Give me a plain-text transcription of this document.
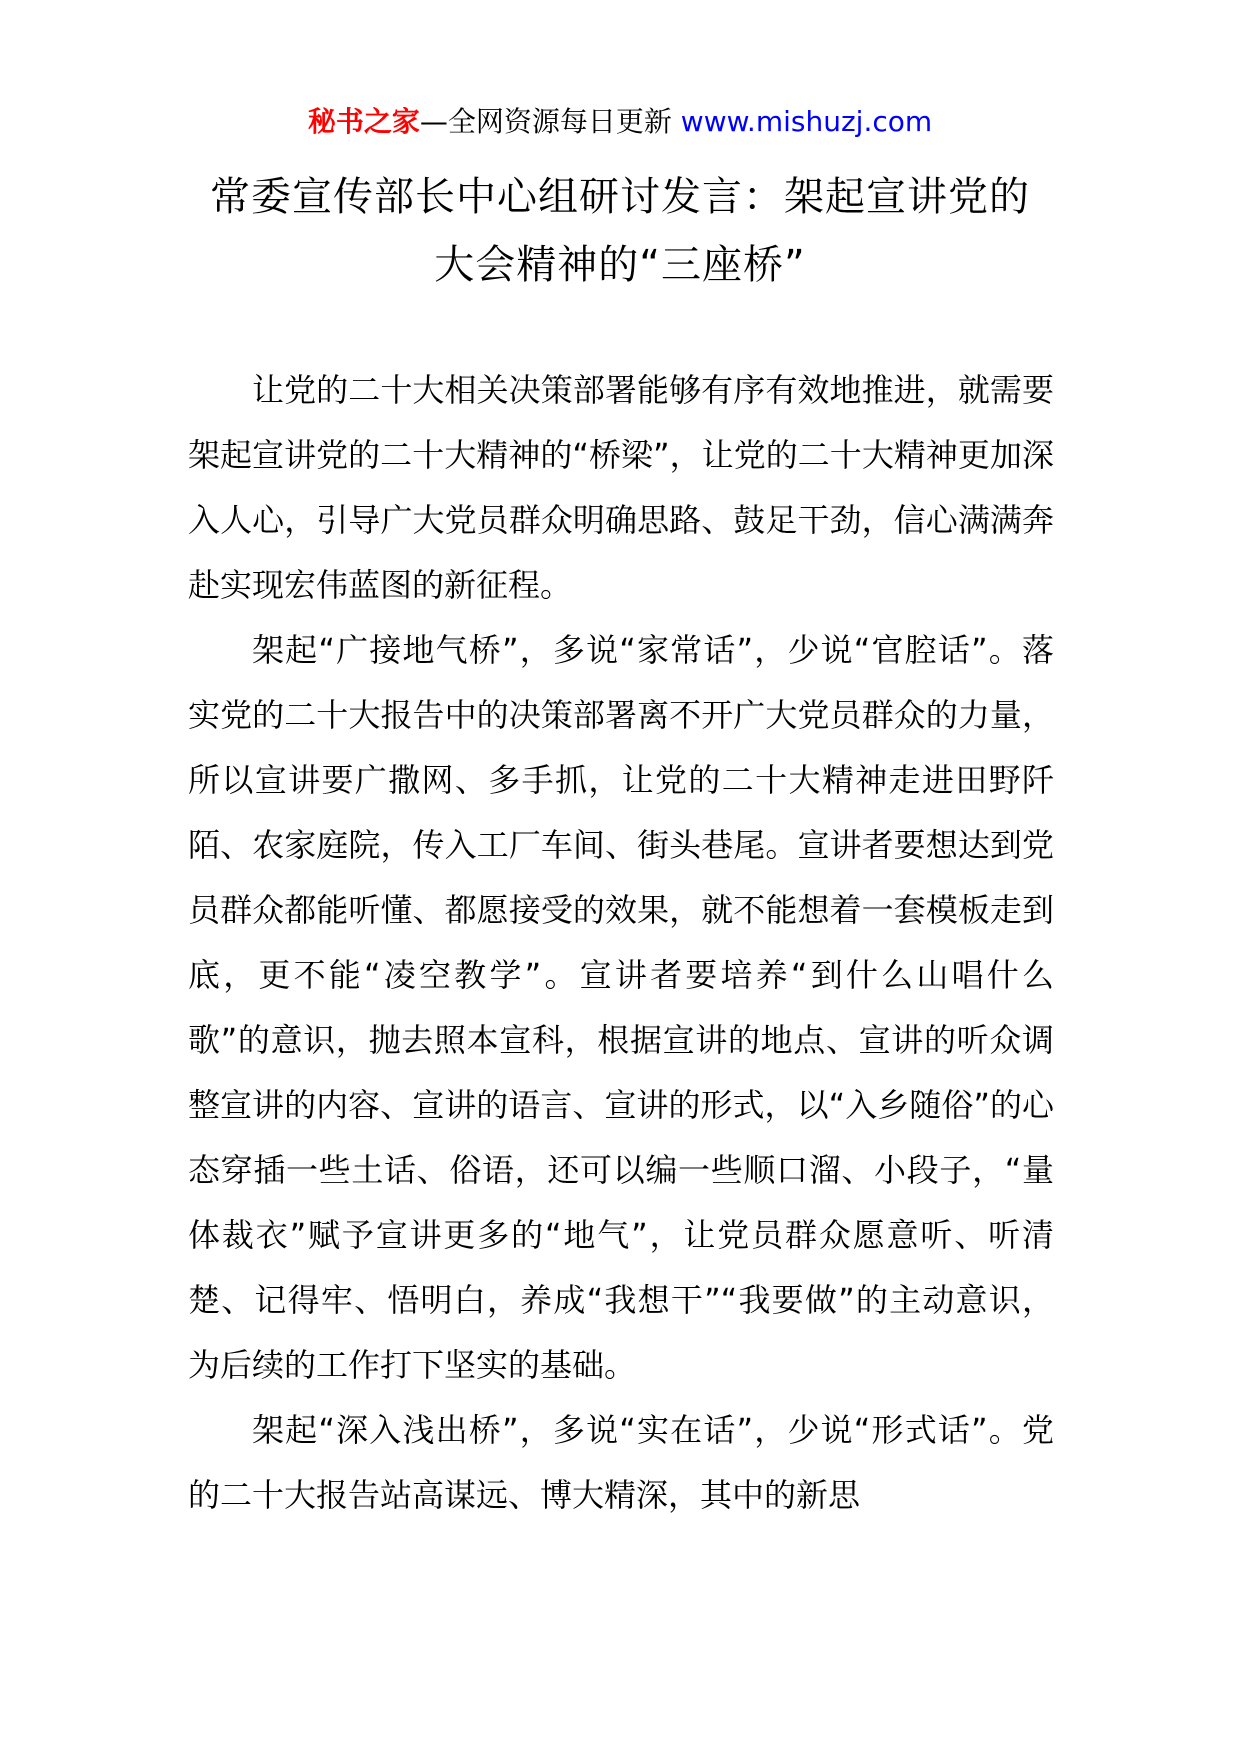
秘书之家—全网资源每日更新 www.mishuzj.com
常委宣传部长中心组研讨发言：架起宣讲党的
大会精神的“三座桥”

让党的二十大相关决策部署能够有序有效地推进，就需要架起宣讲党的二十大精神的“桥梁”，让党的二十大精神更加深入人心，引导广大党员群众明确思路、鼓足干劲，信心满满奔赴实现宏伟蓝图的新征程。

架起“广接地气桥”，多说“家常话”，少说“官腔话”。落实党的二十大报告中的决策部署离不开广大党员群众的力量，所以宣讲要广撒网、多手抓，让党的二十大精神走进田野阡陌、农家庭院，传入工厂车间、街头巷尾。宣讲者要想达到党员群众都能听懂、都愿接受的效果，就不能想着一套模板走到底，更不能“凌空教学”。宣讲者要培养“到什么山唱什么歌”的意识，抛去照本宣科，根据宣讲的地点、宣讲的听众调整宣讲的内容、宣讲的语言、宣讲的形式，以“入乡随俗”的心态穿插一些土话、俗语，还可以编一些顺口溜、小段子，“量体裁衣”赋予宣讲更多的“地气”，让党员群众愿意听、听清楚、记得牢、悟明白，养成“我想干”“我要做”的主动意识，为后续的工作打下坚实的基础。

架起“深入浅出桥”，多说“实在话”，少说“形式话”。党的二十大报告站高谋远、博大精深，其中的新思
